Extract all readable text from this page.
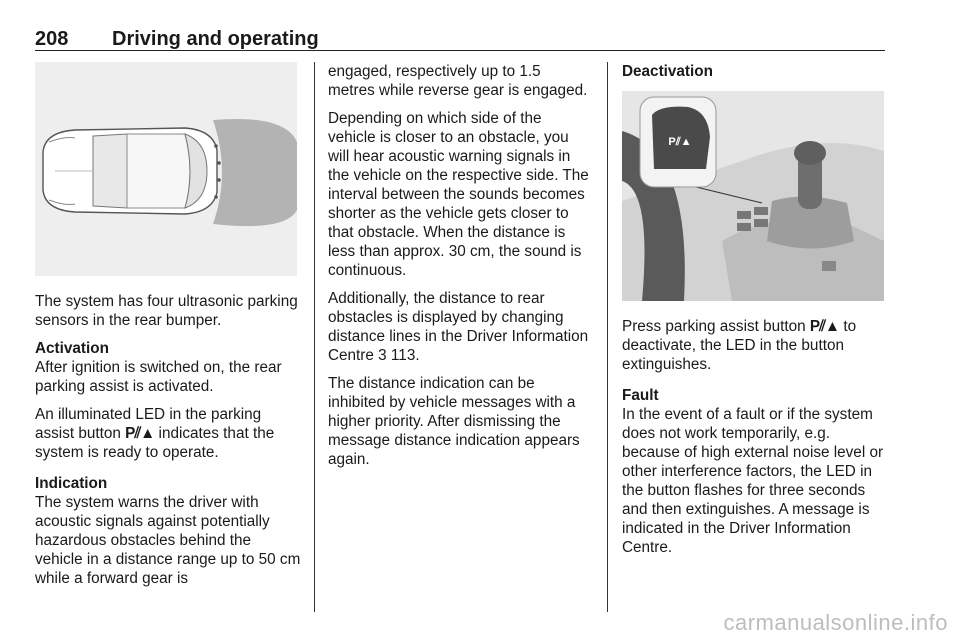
208 Driving and operating

The system has four ultrasonic parking sensors in the rear bumper.

Activation

After ignition is switched on, the rear parking assist is activated.

An illuminated LED in the parking assist button P⫽▲ indicates that the system is ready to operate.

Indication

The system warns the driver with acoustic signals against potentially hazardous obstacles behind the vehicle in a distance range up to 50 cm while a forward gear is

engaged, respectively up to 1.5 metres while reverse gear is engaged.

Depending on which side of the vehicle is closer to an obstacle, you will hear acoustic warning signals in the vehicle on the respective side. The interval between the sounds becomes shorter as the vehicle gets closer to that obstacle. When the distance is less than approx. 30 cm, the sound is continuous.

Additionally, the distance to rear obstacles is displayed by changing distance lines in the Driver Information Centre 3 113.

The distance indication can be inhibited by vehicle messages with a higher priority. After dismissing the message distance indication appears again.

Deactivation
P⫽▲

Press parking assist button P⫽▲ to deactivate, the LED in the button extinguishes.

Fault

In the event of a fault or if the system does not work temporarily, e.g. because of high external noise level or other interference factors, the LED in the button flashes for three seconds and then extinguishes. A message is indicated in the Driver Information Centre.

carmanualsonline.info
